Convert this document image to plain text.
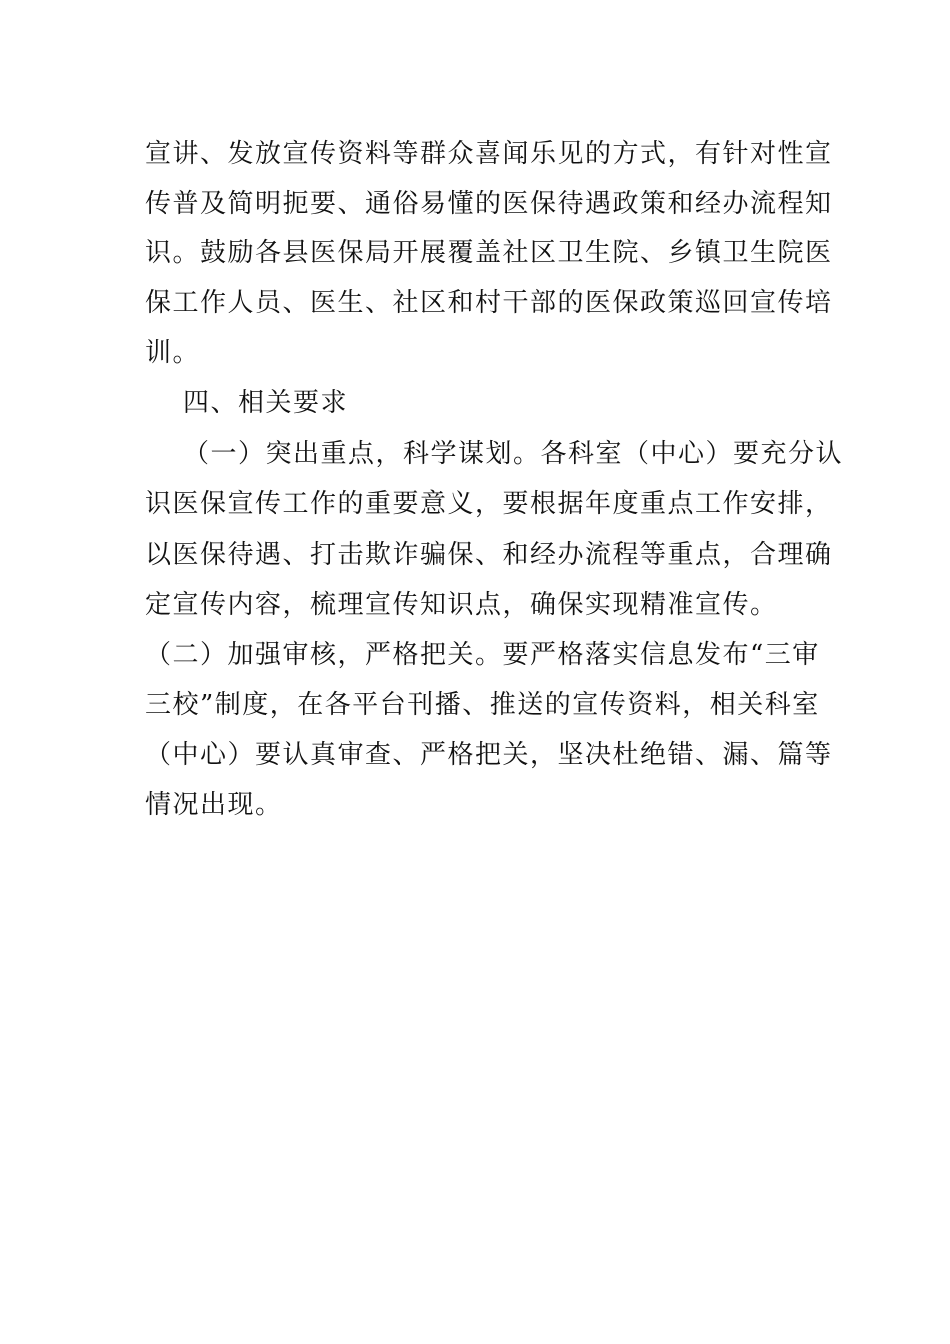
宣讲、发放宣传资料等群众喜闻乐见的方式，有针对性宣
传普及简明扼要、通俗易懂的医保待遇政策和经办流程知
识。鼓励各县医保局开展覆盖社区卫生院、乡镇卫生院医
保工作人员、医生、社区和村干部的医保政策巡回宣传培
训。
四、相关要求
（一）突出重点，科学谋划。各科室（中心）要充分认
识医保宣传工作的重要意义，要根据年度重点工作安排，
以医保待遇、打击欺诈骗保、和经办流程等重点，合理确
定宣传内容，梳理宣传知识点，确保实现精准宣传。
（二）加强审核，严格把关。要严格落实信息发布“三审
三校”制度，在各平台刊播、推送的宣传资料，相关科室
（中心）要认真审查、严格把关，坚决杜绝错、漏、篇等
情况出现。
